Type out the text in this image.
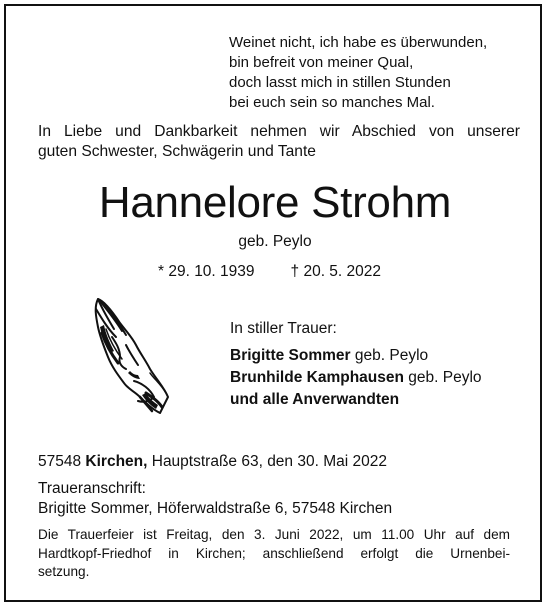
Weinet nicht, ich habe es überwunden,
bin befreit von meiner Qual,
doch lasst mich in stillen Stunden
bei euch sein so manches Mal.
In Liebe und Dankbarkeit nehmen wir Abschied von unserer
guten Schwester, Schwägerin und Tante
Hannelore Strohm
geb. Peylo
* 29. 10. 1939 † 20. 5. 2022
In stiller Trauer:
Brigitte Sommer geb. Peylo
Brunhilde Kamphausen geb. Peylo
und alle Anverwandten
57548 Kirchen, Hauptstraße 63, den 30. Mai 2022
Traueranschrift:
Brigitte Sommer, Höferwaldstraße 6, 57548 Kirchen
Die Trauerfeier ist Freitag, den 3. Juni 2022, um 11.00 Uhr auf dem
Hardtkopf-Friedhof in Kirchen; anschließend erfolgt die Urnenbei-
setzung.
